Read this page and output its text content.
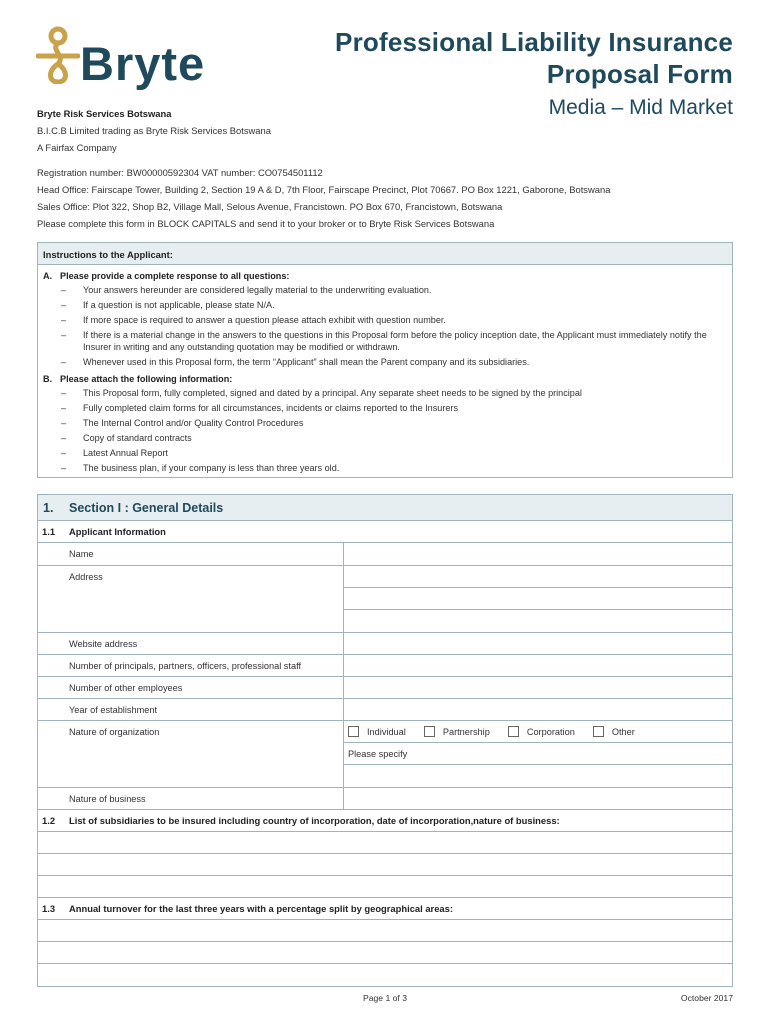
Bryte	Professional Liability Insurance
Proposal Form
Media – Mid Market
Bryte Risk Services Botswana
B.I.C.B Limited trading as Bryte Risk Services Botswana
A Fairfax Company
Registration number: BW00000592304 VAT number: CO0754501112
Head Office: Fairscape Tower, Building 2, Section 19 A & D, 7th Floor, Fairscape Precinct, Plot 70667. PO Box 1221, Gaborone, Botswana
Sales Office: Plot 322, Shop B2, Village Mall, Selous Avenue, Francistown. PO Box 670, Francistown, Botswana
Please complete this form in BLOCK CAPITALS and send it to your broker or to Bryte Risk Services Botswana
Instructions to the Applicant:
A. Please provide a complete response to all questions:
–	Your answers hereunder are considered legally material to the underwriting evaluation.
–	If a question is not applicable, please state N/A.
–	If more space is required to answer a question please attach exhibit with question number.
–	If there is a material change in the answers to the questions in this Proposal form before the policy inception date, the Applicant must immediately notify the Insurer in writing and any outstanding quotation may be modified or withdrawn.
–	Whenever used in this Proposal form, the term “Applicant” shall mean the Parent company and its subsidiaries.
B. Please attach the following information:
–	This Proposal form, fully completed, signed and dated by a principal. Any separate sheet needs to be signed by the principal
–	Fully completed claim forms for all circumstances, incidents or claims reported to the Insurers
–	The Internal Control and/or Quality Control Procedures
–	Copy of standard contracts
–	Latest Annual Report
–	The business plan, if your company is less than three years old.
1.	Section I : General Details
1.1	Applicant Information
Name
Address
Website address
Number of principals, partners, officers, professional staff
Number of other employees
Year of establishment
Nature of organization	Individual	Partnership	Corporation	Other
Please specify
Nature of business
1.2	List of subsidiaries to be insured including country of incorporation, date of incorporation,nature of business:
1.3	Annual turnover for the last three years with a percentage split by geographical areas:
Page 1 of 3	October 2017
